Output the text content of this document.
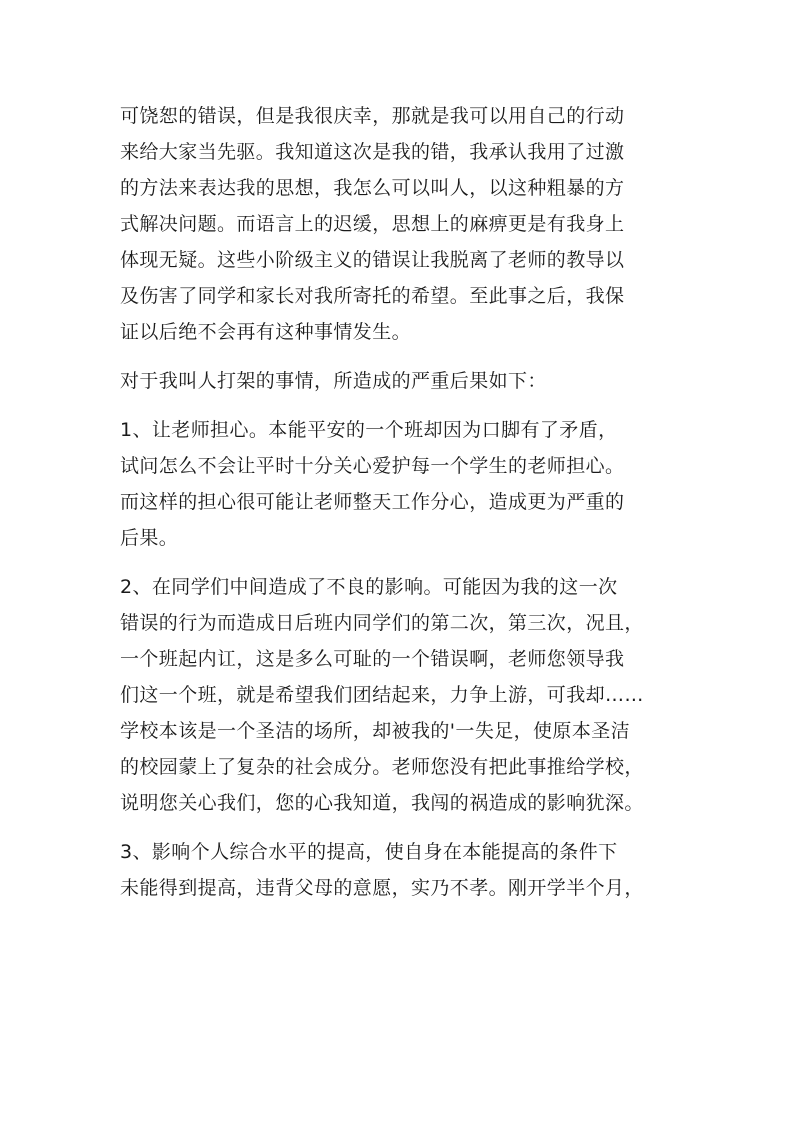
可饶恕的错误，但是我很庆幸，那就是我可以用自己的行动
来给大家当先驱。我知道这次是我的错，我承认我用了过激
的方法来表达我的思想，我怎么可以叫人，以这种粗暴的方
式解决问题。而语言上的迟缓，思想上的麻痹更是有我身上
体现无疑。这些小阶级主义的错误让我脱离了老师的教导以
及伤害了同学和家长对我所寄托的希望。至此事之后，我保
证以后绝不会再有这种事情发生。

对于我叫人打架的事情，所造成的严重后果如下：

1、让老师担心。本能平安的一个班却因为口脚有了矛盾，
试问怎么不会让平时十分关心爱护每一个学生的老师担心。
而这样的担心很可能让老师整天工作分心，造成更为严重的
后果。

2、在同学们中间造成了不良的影响。可能因为我的这一次
错误的行为而造成日后班内同学们的第二次，第三次，况且，
一个班起内讧，这是多么可耻的一个错误啊，老师您领导我
们这一个班，就是希望我们团结起来，力争上游，可我却……
学校本该是一个圣洁的场所，却被我的'一失足，使原本圣洁
的校园蒙上了复杂的社会成分。老师您没有把此事推给学校，
说明您关心我们，您的心我知道，我闯的祸造成的影响犹深。

3、影响个人综合水平的提高，使自身在本能提高的条件下
未能得到提高，违背父母的意愿，实乃不孝。刚开学半个月，
